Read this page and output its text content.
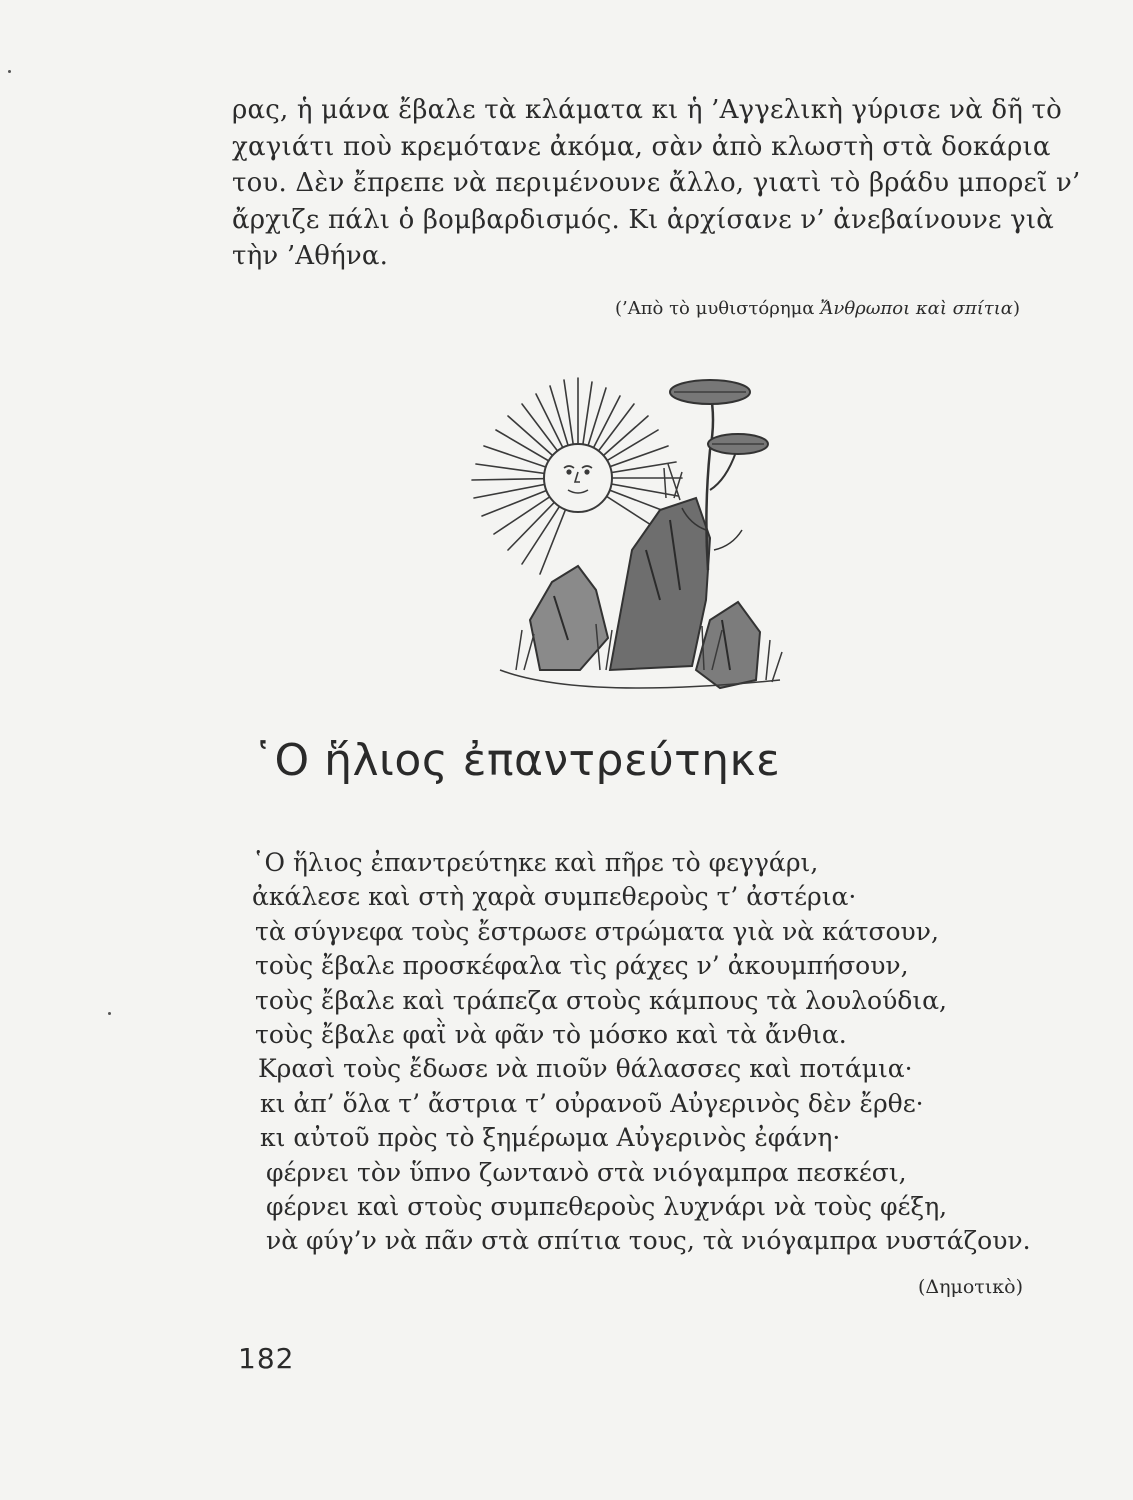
ρας, ἡ μάνα ἔβαλε τὰ κλάματα κι ἡ ’Αγγελικὴ γύρισε νὰ δῆ τὸ
χαγιάτι ποὺ κρεμότανε ἀκόμα, σὰν ἀπὸ κλωστὴ στὰ δοκάρια
του. Δὲν ἔπρεπε νὰ περιμένουνε ἄλλο, γιατὶ τὸ βράδυ μπορεῖ ν’
ἄρχιζε πάλι ὁ βομβαρδισμός. Κι ἀρχίσανε ν’ ἀνεβαίνουνε γιὰ
τὴν ’Αθήνα.
(’Απὸ τὸ μυθιστόρημα Ἄνθρωποι καὶ σπίτια)
῾Ο ἥλιος ἐπαντρεύτηκε
῾Ο ἥλιος ἐπαντρεύτηκε καὶ πῆρε τὸ φεγγάρι,
ἀκάλεσε καὶ στὴ χαρὰ συμπεθεροὺς τ’ ἀστέρια·
τὰ σύγνεφα τοὺς ἔστρωσε στρώματα γιὰ νὰ κάτσουν,
τοὺς ἔβαλε προσκέφαλα τὶς ράχες ν’ ἀκουμπήσουν,
τοὺς ἔβαλε καὶ τράπεζα στοὺς κάμπους τὰ λουλούδια,
τοὺς ἔβαλε φαῒ νὰ φᾶν τὸ μόσκο καὶ τὰ ἄνθια.
Κρασὶ τοὺς ἔδωσε νὰ πιοῦν θάλασσες καὶ ποτάμια·
κι ἀπ’ ὅλα τ’ ἄστρια τ’ οὐρανοῦ Αὐγερινὸς δὲν ἔρθε·
κι αὐτοῦ πρὸς τὸ ξημέρωμα Αὐγερινὸς ἐφάνη·
φέρνει τὸν ὕπνο ζωντανὸ στὰ νιόγαμπρα πεσκέσι,
φέρνει καὶ στοὺς συμπεθεροὺς λυχνάρι νὰ τοὺς φέξη,
νὰ φύγ’ν νὰ πᾶν στὰ σπίτια τους, τὰ νιόγαμπρα νυστάζουν.
(Δημοτικὸ)
182
